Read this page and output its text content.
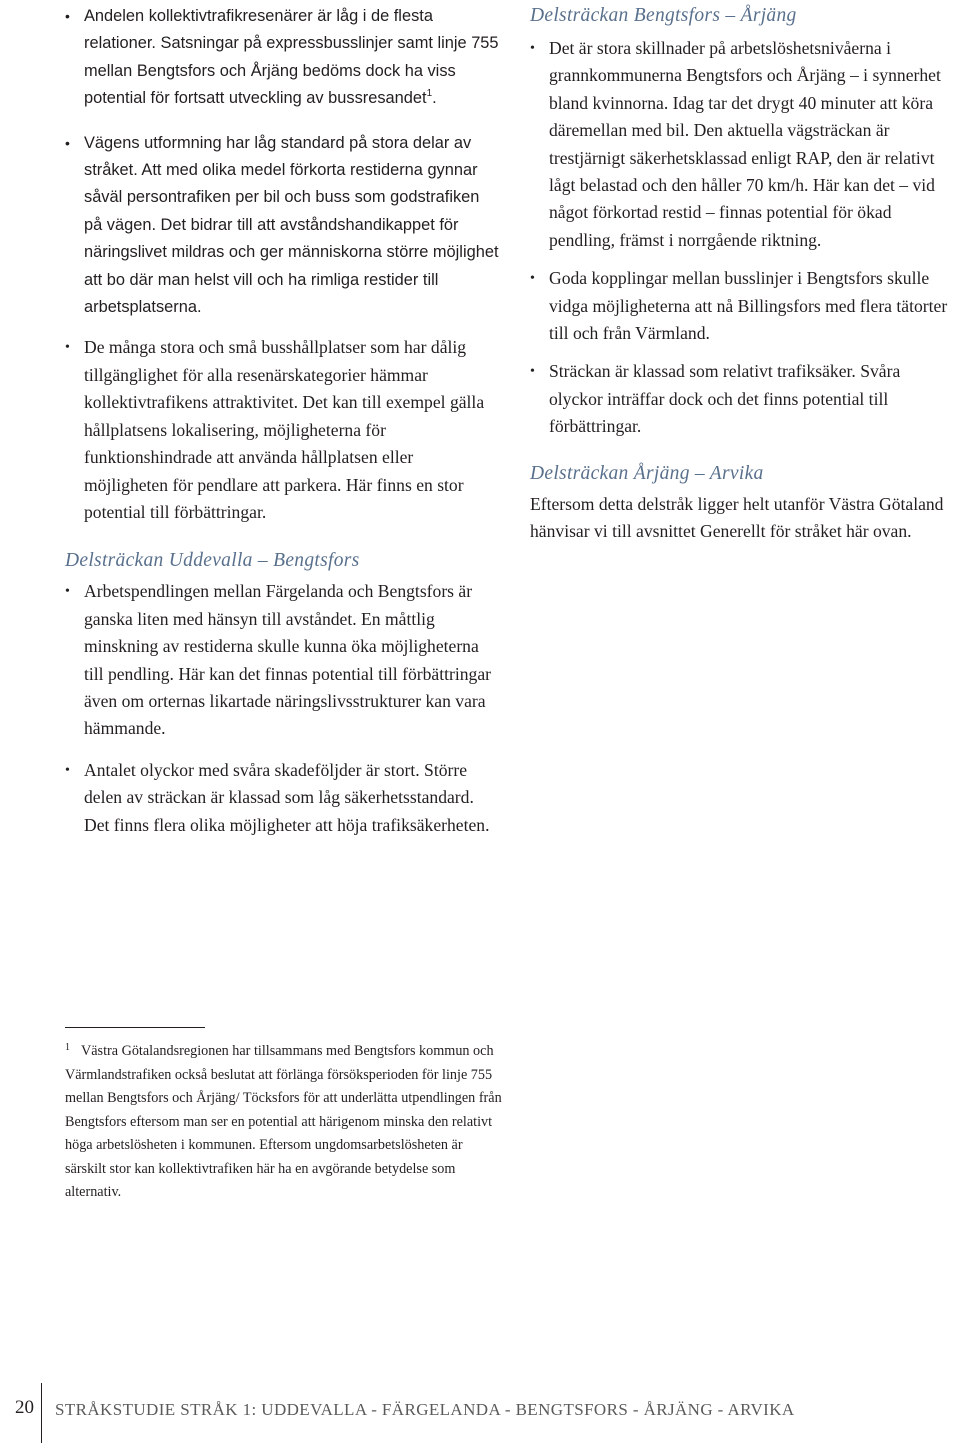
• Andelen kollektivtrafikresenärer är låg i de flesta relationer. Satsningar på expressbusslinjer samt linje 755 mellan Bengtsfors och Årjäng bedöms dock ha viss potential för fortsatt utveckling av bussresandet$^1$.
• Vägens utformning har låg standard på stora delar av stråket. Att med olika medel förkorta restiderna gynnar såväl persontrafiken per bil och buss som godstrafiken på vägen. Det bidrar till att avståndshandikappet för näringslivet mildras och ger människorna större möjlighet att bo där man helst vill och ha rimliga restider till arbetsplatserna.
• De många stora och små busshållplatser som har dålig tillgänglighet för alla resenärskategorier hämmar kollektivtrafikens attraktivitet. Det kan till exempel gälla hållplatsens lokalisering, möjligheterna för funktionshindrade att använda hållplatsen eller möjligheten för pendlare att parkera. Här finns en stor potential till förbättringar.
Delsträckan Uddevalla – Bengtsfors
• Arbetspendlingen mellan Färgelanda och Bengtsfors är ganska liten med hänsyn till avståndet. En måttlig minskning av restiderna skulle kunna öka möjligheterna till pendling. Här kan det finnas potential till förbättringar även om orternas likartade näringslivsstrukturer kan vara hämmande.
• Antalet olyckor med svåra skadeföljder är stort. Större delen av sträckan är klassad som låg säkerhetsstandard. Det finns flera olika möjligheter att höja trafiksäkerheten.
Delsträckan Bengtsfors – Årjäng
• Det är stora skillnader på arbetslöshetsnivåerna i grannkommunerna Bengtsfors och Årjäng – i synnerhet bland kvinnorna. Idag tar det drygt 40 minuter att köra däremellan med bil. Den aktuella vägsträckan är trestjärnigt säkerhetsklassad enligt RAP, den är relativt lågt belastad och den håller 70 km/h. Här kan det – vid något förkortad restid – finnas potential för ökad pendling, främst i norrgående riktning.
• Goda kopplingar mellan busslinjer i Bengtsfors skulle vidga möjligheterna att nå Billingsfors med flera tätorter till och från Värmland.
• Sträckan är klassad som relativt trafiksäker. Svåra olyckor inträffar dock och det finns potential till förbättringar.
Delsträckan Årjäng – Arvika

Eftersom detta delstråk ligger helt utanför Västra Götaland hänvisar vi till avsnittet Generellt för stråket här ovan.

1 Västra Götalandsregionen har tillsammans med Bengtsfors kommun och Värmlandstrafiken också beslutat att förlänga försöksperioden för linje 755 mellan Bengtsfors och Årjäng/ Töcksfors för att underlätta utpendlingen från Bengtsfors eftersom man ser en potential att härigenom minska den relativt höga arbetslösheten i kommunen. Eftersom ungdomsarbetslösheten är särskilt stor kan kollektivtrafiken här ha en avgörande betydelse som alternativ.
20 STRÅKSTUDIE STRÅK 1: UDDEVALLA - FÄRGELANDA - BENGTSFORS - ÅRJÄNG - ARVIKA
